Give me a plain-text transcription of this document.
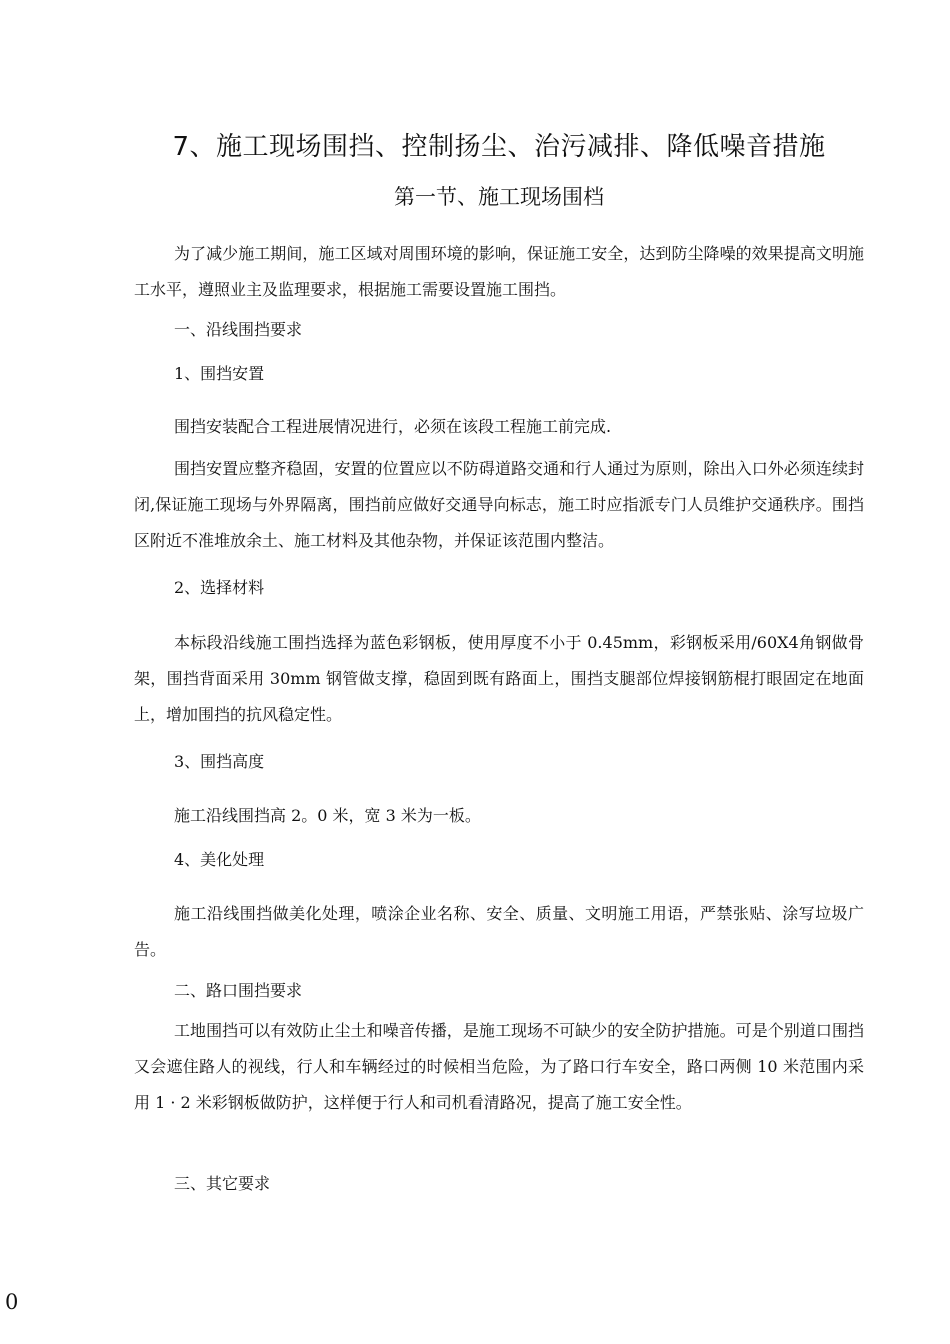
7、施工现场围挡、控制扬尘、治污减排、降低噪音措施
第一节、施工现场围档

为了减少施工期间，施工区域对周围环境的影响，保证施工安全，达到防尘降噪的效果提高文明施工水平，遵照业主及监理要求，根据施工需要设置施工围挡。

一、沿线围挡要求

1、围挡安置

围挡安装配合工程进展情况进行，必须在该段工程施工前完成.

围挡安置应整齐稳固，安置的位置应以不防碍道路交通和行人通过为原则，除出入口外必须连续封闭,保证施工现场与外界隔离，围挡前应做好交通导向标志，施工时应指派专门人员维护交通秩序。围挡区附近不准堆放余土、施工材料及其他杂物，并保证该范围内整洁。

2、选择材料

本标段沿线施工围挡选择为蓝色彩钢板，使用厚度不小于 0.45mm，彩钢板采用/60X4角钢做骨架，围挡背面采用 30mm 钢管做支撑，稳固到既有路面上，围挡支腿部位焊接钢筋棍打眼固定在地面上，增加围挡的抗风稳定性。

3、围挡高度

施工沿线围挡高 2。0 米，宽 3 米为一板。

4、美化处理

施工沿线围挡做美化处理，喷涂企业名称、安全、质量、文明施工用语，严禁张贴、涂写垃圾广告。

二、路口围挡要求

工地围挡可以有效防止尘土和噪音传播，是施工现场不可缺少的安全防护措施。可是个别道口围挡又会遮住路人的视线，行人和车辆经过的时候相当危险，为了路口行车安全，路口两侧 10 米范围内采用 1 · 2 米彩钢板做防护，这样便于行人和司机看清路况，提高了施工安全性。

三、其它要求

0
